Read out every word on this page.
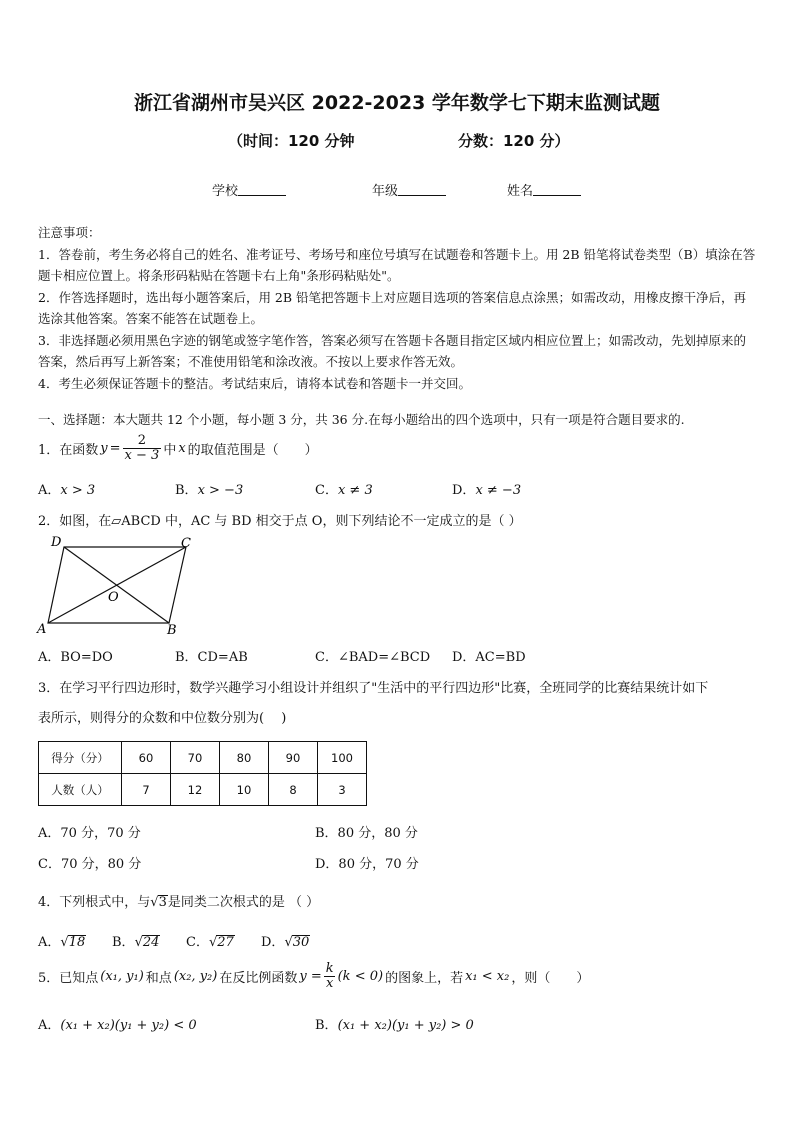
浙江省湖州市吴兴区 2022-2023 学年数学七下期末监测试题
（时间：120 分钟	分数：120 分）
学校	年级	姓名
注意事项：
1．答卷前，考生务必将自己的姓名、准考证号、考场号和座位号填写在试题卷和答题卡上。用 2B 铅笔将试卷类型（B）填涂在答题卡相应位置上。将条形码粘贴在答题卡右上角"条形码粘贴处"。
2．作答选择题时，选出每小题答案后，用 2B 铅笔把答题卡上对应题目选项的答案信息点涂黑；如需改动，用橡皮擦干净后，再选涂其他答案。答案不能答在试题卷上。
3．非选择题必须用黑色字迹的钢笔或签字笔作答，答案必须写在答题卡各题目指定区域内相应位置上；如需改动，先划掉原来的答案，然后再写上新答案；不准使用铅笔和涂改液。不按以上要求作答无效。
4．考生必须保证答题卡的整洁。考试结束后，请将本试卷和答题卡一并交回。
一、选择题：本大题共 12 个小题，每小题 3 分，共 36 分.在每小题给出的四个选项中，只有一项是符合题目要求的.
1．在函数 $y = \frac{2}{x - 3}$ 中 x 的取值范围是（　　）
A．x > 3	B．x > −3	C．x ≠ 3	D．x ≠ −3
2．如图，在▱ABCD 中，AC 与 BD 相交于点 O，则下列结论不一定成立的是（ ）
D	C
O
A	B
A．BO=DO	B．CD=AB	C．∠BAD=∠BCD D．AC=BD
3．在学习平行四边形时，数学兴趣学习小组设计并组织了"生活中的平行四边形"比赛，全班同学的比赛结果统计如下
表所示，则得分的众数和中位数分别为(　 )
得分（分）	60	70	80	90	100
人数（人）	7	12	10	8	3
A．70 分，70 分	B．80 分，80 分
C．70 分，80 分	D．80 分，70 分
4．下列根式中，与√3是同类二次根式的是 （ ）
A．√18 B．√24 C．√27 D．√30
5．已知点 (x₁, y₁) 和点 (x₂, y₂) 在反比例函数 $y = \frac{k}{x} (k < 0)$ 的图象上，若 x₁ < x₂ ，则（　　）
A．(x₁ + x₂)(y₁ + y₂) < 0	B．(x₁ + x₂)(y₁ + y₂) > 0
